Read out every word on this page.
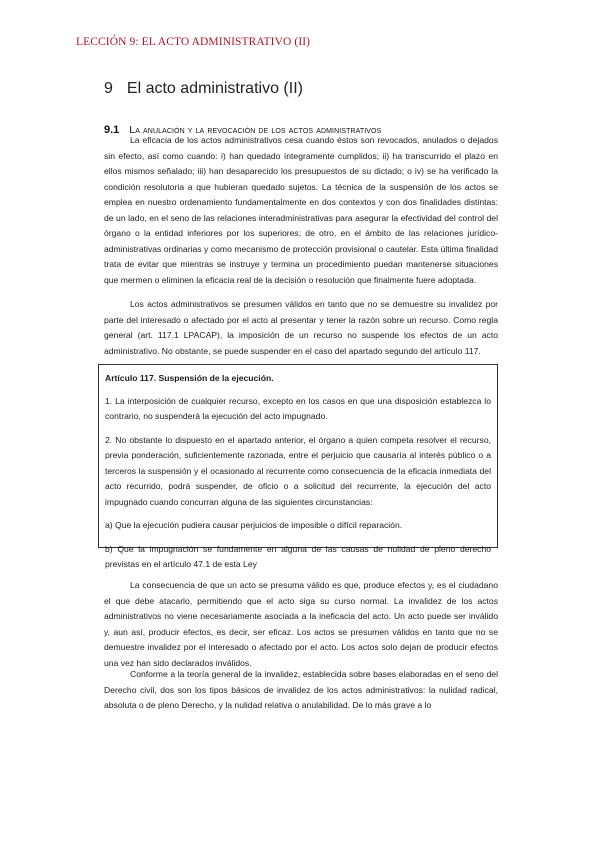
LECCIÓN 9: EL ACTO ADMINISTRATIVO (II)
9 El acto administrativo (II)
9.1 La anulación y la revocación de los actos administrativos

La eficacia de los actos administrativos cesa cuando éstos son revocados, anulados o dejados sin efecto, así como cuando: i) han quedado íntegramente cumplidos; ii) ha transcurrido el plazo en ellos mismos señalado; iii) han desaparecido los presupuestos de su dictado; o iv) se ha verificado la condición resolutoria a que hubieran quedado sujetos. La técnica de la suspensión de los actos se emplea en nuestro ordenamiento fundamentalmente en dos contextos y con dos finalidades distintas: de un lado, en el seno de las relaciones interadministrativas para asegurar la efectividad del control del órgano o la entidad inferiores por los superiores; de otro, en el ámbito de las relaciones jurídico-administrativas ordinarias y como mecanismo de protección provisional o cautelar. Esta última finalidad trata de evitar que mientras se instruye y termina un procedimiento puedan mantenerse situaciones que mermen o eliminen la eficacia real de la decisión o resolución que finalmente fuere adoptada.

Los actos administrativos se presumen válidos en tanto que no se demuestre su invalidez por parte del interesado o afectado por el acto al presentar y tener la razón sobre un recurso. Como regla general (art. 117.1 LPACAP), la imposición de un recurso no suspende los efectos de un acto administrativo. No obstante, se puede suspender en el caso del apartado segundo del artículo 117.

Artículo 117. Suspensión de la ejecución.

1. La interposición de cualquier recurso, excepto en los casos en que una disposición establezca lo contrario, no suspenderá la ejecución del acto impugnado.

2. No obstante lo dispuesto en el apartado anterior, el órgano a quien competa resolver el recurso, previa ponderación, suficientemente razonada, entre el perjuicio que causaría al interés público o a terceros la suspensión y el ocasionado al recurrente como consecuencia de la eficacia inmediata del acto recurrido, podrá suspender, de oficio o a solicitud del recurrente, la ejecución del acto impugnado cuando concurran alguna de las siguientes circunstancias:

a) Que la ejecución pudiera causar perjuicios de imposible o difícil reparación.

b) Que la impugnación se fundamente en alguna de las causas de nulidad de pleno derecho previstas en el artículo 47.1 de esta Ley

La consecuencia de que un acto se presuma válido es que, produce efectos y, es el ciudadano el que debe atacarlo, permitiendo que el acto siga su curso normal. La invalidez de los actos administrativos no viene necesariamente asociada a la ineficacia del acto. Un acto puede ser inválido y, aun así, producir efectos, es decir, ser eficaz. Los actos se presumen válidos en tanto que no se demuestre invalidez por el interesado o afectado por el acto. Los actos solo dejan de producir efectos una vez han sido declarados inválidos.

Conforme a la teoría general de la invalidez, establecida sobre bases elaboradas en el seno del Derecho civil, dos son los tipos básicos de invalidez de los actos administrativos: la nulidad radical, absoluta o de pleno Derecho, y la nulidad relativa o anulabilidad. De lo más grave a lo
